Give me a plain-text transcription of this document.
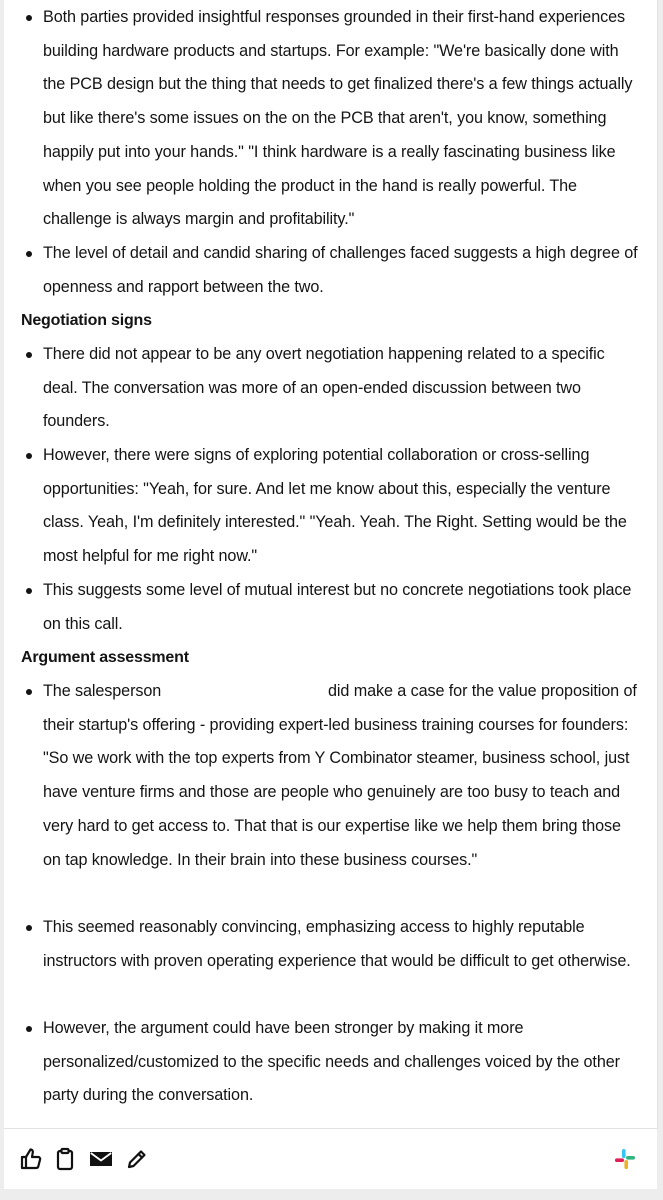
Both parties provided insightful responses grounded in their first-hand experiences building hardware products and startups. For example: "We're basically done with the PCB design but the thing that needs to get finalized there's a few things actually but like there's some issues on the on the PCB that aren't, you know, something happily put into your hands." "I think hardware is a really fascinating business like when you see people holding the product in the hand is really powerful. The challenge is always margin and profitability."
The level of detail and candid sharing of challenges faced suggests a high degree of openness and rapport between the two.
Negotiation signs
There did not appear to be any overt negotiation happening related to a specific deal. The conversation was more of an open-ended discussion between two founders.
However, there were signs of exploring potential collaboration or cross-selling opportunities: "Yeah, for sure. And let me know about this, especially the venture class. Yeah, I'm definitely interested." "Yeah. Yeah. The Right. Setting would be the most helpful for me right now."
This suggests some level of mutual interest but no concrete negotiations took place on this call.
Argument assessment
The salesperson	did make a case for the value proposition of their startup's offering - providing expert-led business training courses for founders: "So we work with the top experts from Y Combinator steamer, business school, just have venture firms and those are people who genuinely are too busy to teach and very hard to get access to. That that is our expertise like we help them bring those on tap knowledge. In their brain into these business courses."
This seemed reasonably convincing, emphasizing access to highly reputable instructors with proven operating experience that would be difficult to get otherwise.
However, the argument could have been stronger by making it more personalized/customized to the specific needs and challenges voiced by the other party during the conversation.
